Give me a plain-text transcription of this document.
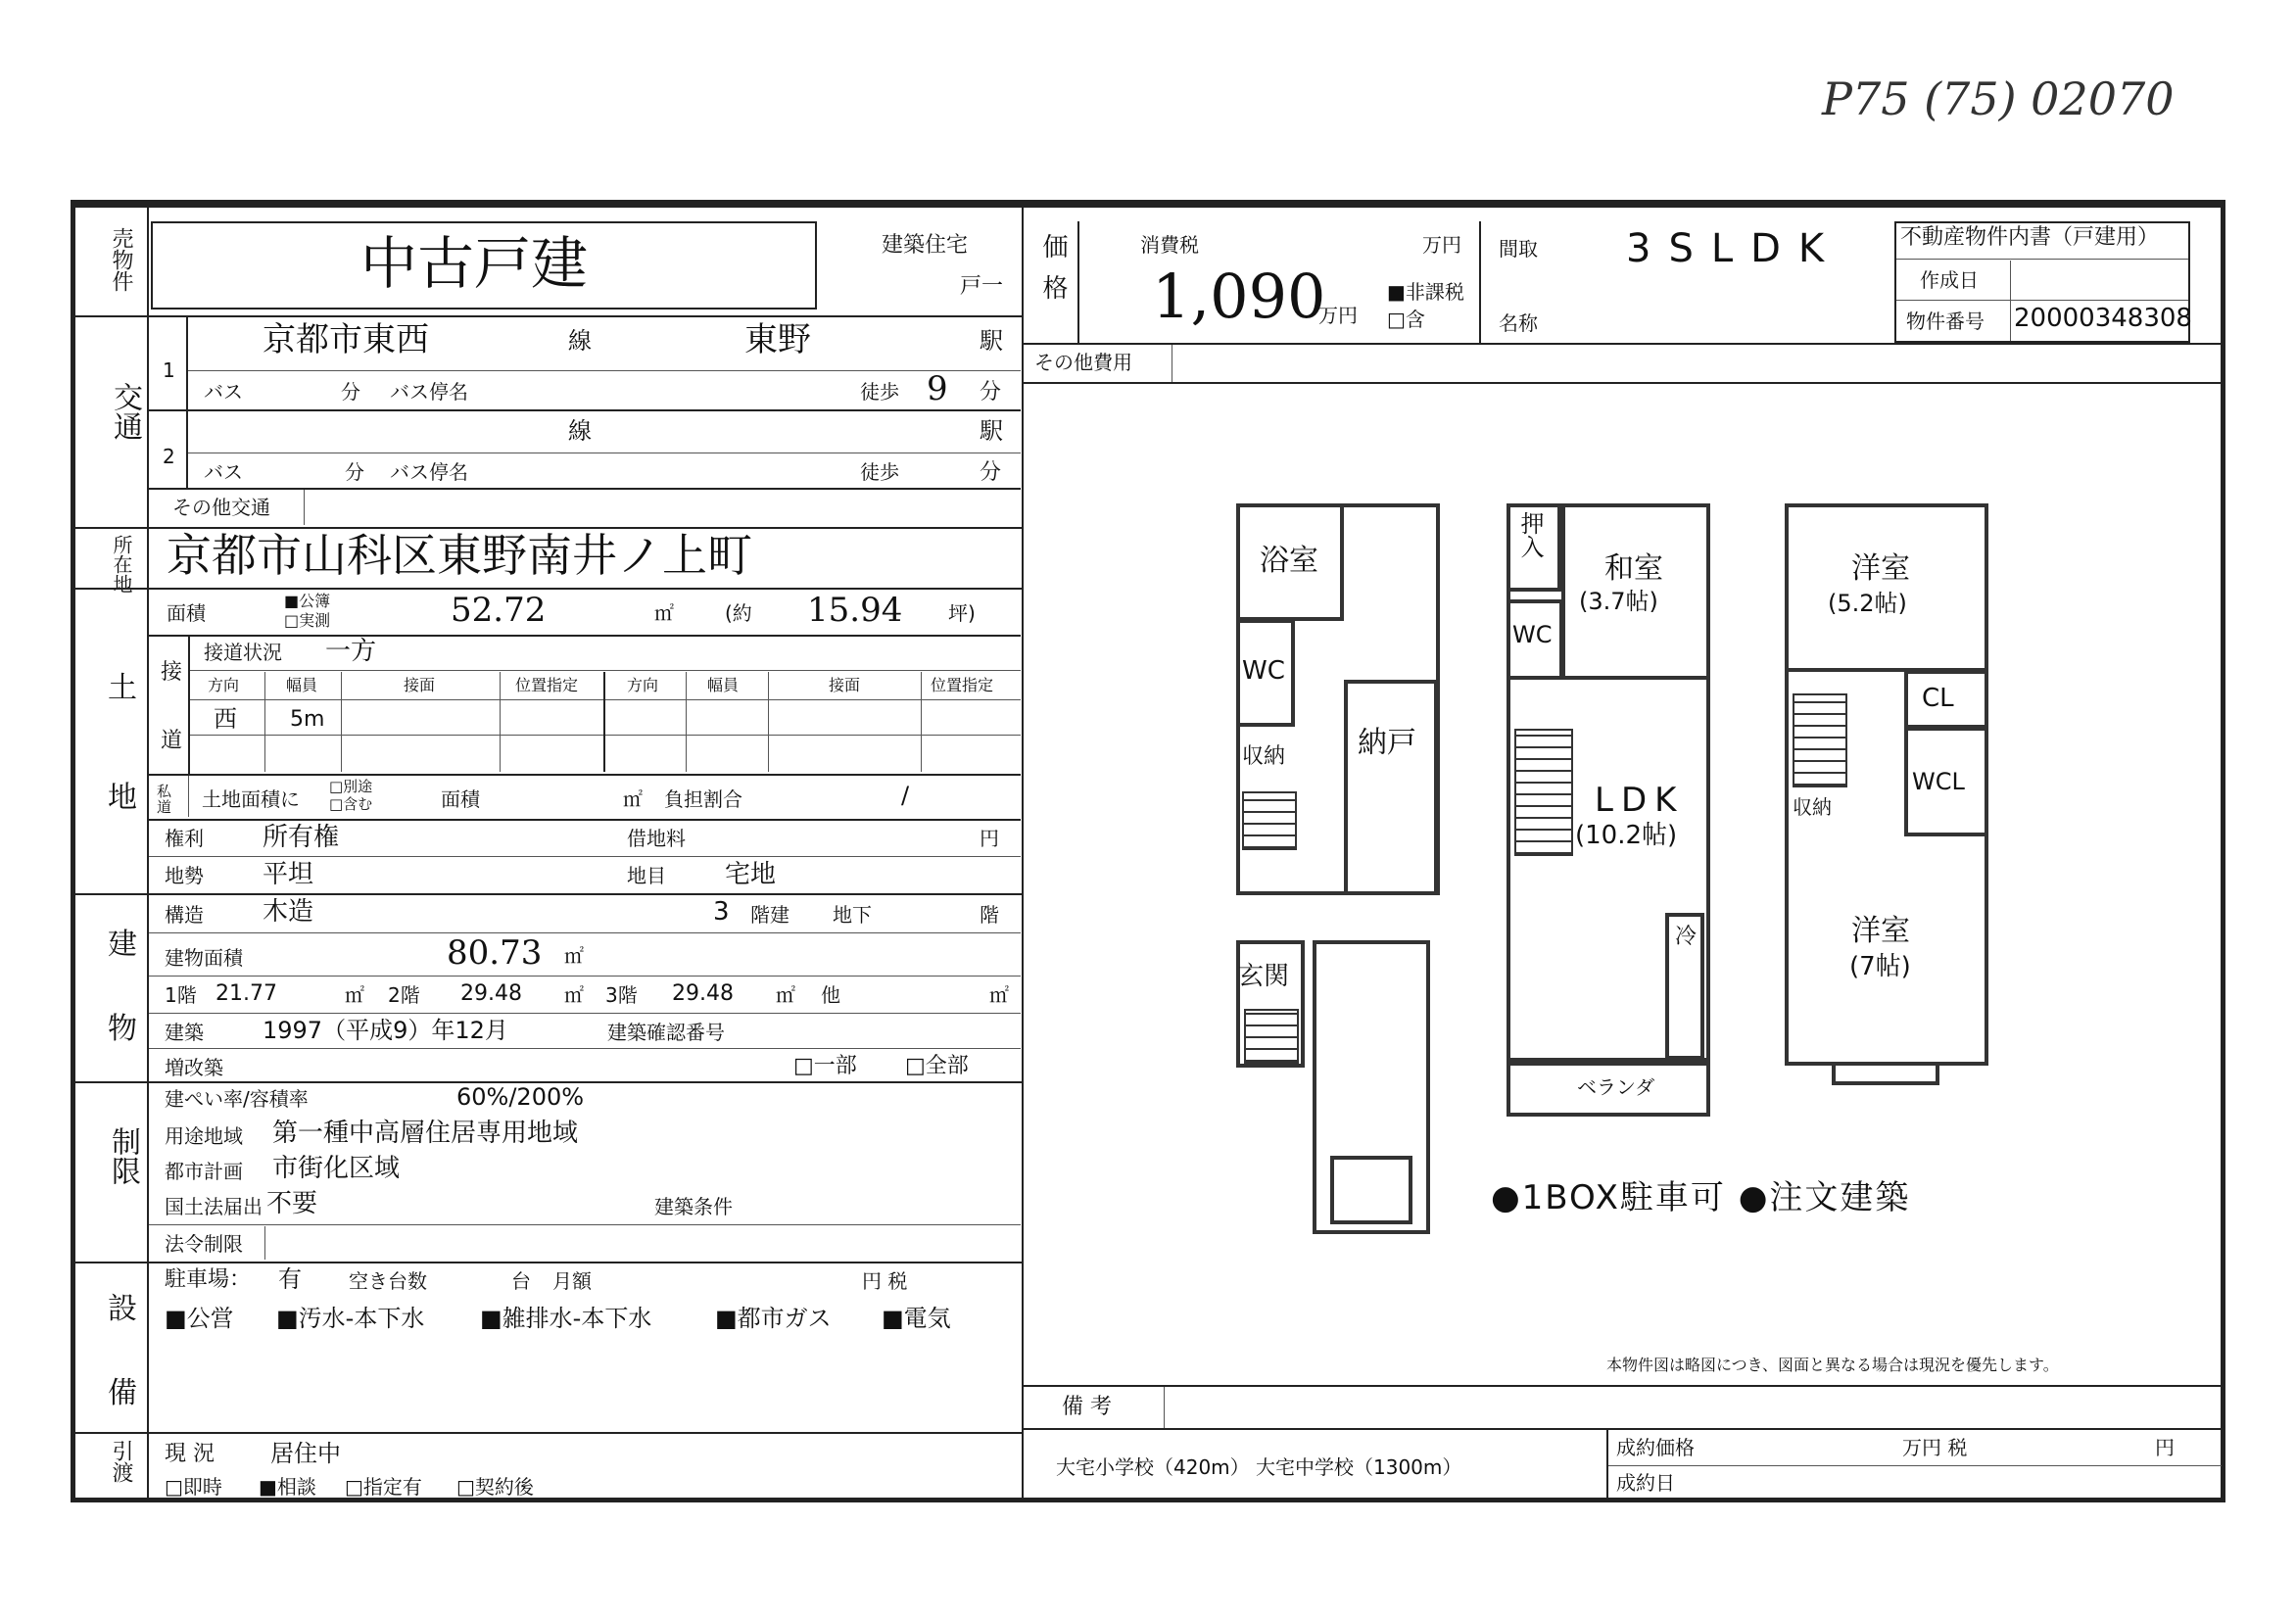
P75 (75) 02070
売物件	中古戸建	建築住宅
戸一
交通
1
京都市東西	線	東野	駅
バス	分 バス停名	徒歩 9 分
2
線	駅
バス	分 バス停名	徒歩	分
その他交通
所在地 京都市山科区東野南井ノ上町
土
地
面積
■公簿
□実測	52.72	㎡	(約 15.94 坪)
接
道
接道状況 一方
方向	幅員	接面	位置指定	方向	幅員	接面	位置指定
西 5m
私道	土地面積に
□別途
□含む	面積	㎡ 負担割合	/
権利 所有権	借地料	円
地勢 平坦	地目 宅地
建
物
構造 木造	3 階建 地下	階
建物面積	80.73 ㎡
1階 21.77	㎡ 2階 29.48 ㎡ 3階 29.48 ㎡ 他	㎡
建築	1997（平成9）年12月	建築確認番号
増改築	□一部 □全部
制限
建ぺい率/容積率	60%/200%
用途地域 第一種中高層住居専用地域
都市計画 市街化区域
国土法届出 不要	建築条件
法令制限
設
備
駐車場： 有 空き台数	台 月額	円 税
■公営 ■汚水-本下水 ■雑排水-本下水	■都市ガス ■電気
引渡 現 況 居住中
□即時 ■相談 □指定有 □契約後
価格	消費税	万円
1,090
万円
■非課税
□含
間取 3SLDK
名称
不動産物件内書（戸建用）
作成日
物件番号 20000348308
その他費用
浴室
WC
収納 納戸
玄関
押入
和室
(3.7帖)
WC
LDK
(10.2帖)
冷
ベランダ
洋室
(5.2帖)
CL
WCL
収納
洋室
(7帖)
●1BOX駐車可 ●注文建築
本物件図は略図につき、図面と異なる場合は現況を優先します。
備 考
大宅小学校（420m） 大宅中学校（1300m）
成約価格	万円 税	円
成約日
